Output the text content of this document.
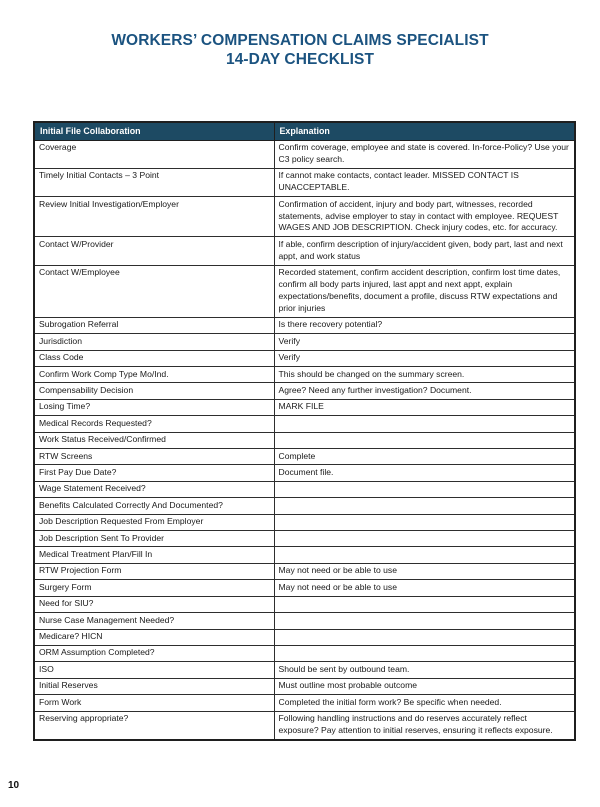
WORKERS’ COMPENSATION CLAIMS SPECIALIST
14-DAY CHECKLIST
Initial File Collaboration	Explanation
Coverage	Confirm coverage, employee and state is covered. In-force-Policy? Use your C3 policy search.
Timely Initial Contacts – 3 Point	If cannot make contacts, contact leader. MISSED CONTACT IS UNACCEPTABLE.
Review Initial Investigation/Employer	Confirmation of accident, injury and body part, witnesses, recorded statements, advise employer to stay in contact with employee. REQUEST WAGES AND JOB DESCRIPTION. Check injury codes, etc. for accuracy.
Contact W/Provider	If able, confirm description of injury/accident given, body part, last and next appt, and work status
Contact W/Employee	Recorded statement, confirm accident description, confirm lost time dates, confirm all body parts injured, last appt and next appt, explain expectations/benefits, document a profile, discuss RTW expectations and prior injuries
Subrogation Referral	Is there recovery potential?
Jurisdiction	Verify
Class Code	Verify
Confirm Work Comp Type Mo/Ind.	This should be changed on the summary screen.
Compensability Decision	Agree? Need any further investigation? Document.
Losing Time?	MARK FILE
Medical Records Requested?	
Work Status Received/Confirmed	
RTW Screens	Complete
First Pay Due Date?	Document file.
Wage Statement Received?	
Benefits Calculated Correctly And Documented?	
Job Description Requested From Employer	
Job Description Sent To Provider	
Medical Treatment Plan/Fill In	
RTW Projection Form	May not need or be able to use
Surgery Form	May not need or be able to use
Need for SIU?	
Nurse Case Management Needed?	
Medicare? HICN	
ORM Assumption Completed?	
ISO	Should be sent by outbound team.
Initial Reserves	Must outline most probable outcome
Form Work	Completed the initial form work? Be specific when needed.
Reserving appropriate?	Following handling instructions and do reserves accurately reflect exposure? Pay attention to initial reserves, ensuring it reflects exposure.
10
